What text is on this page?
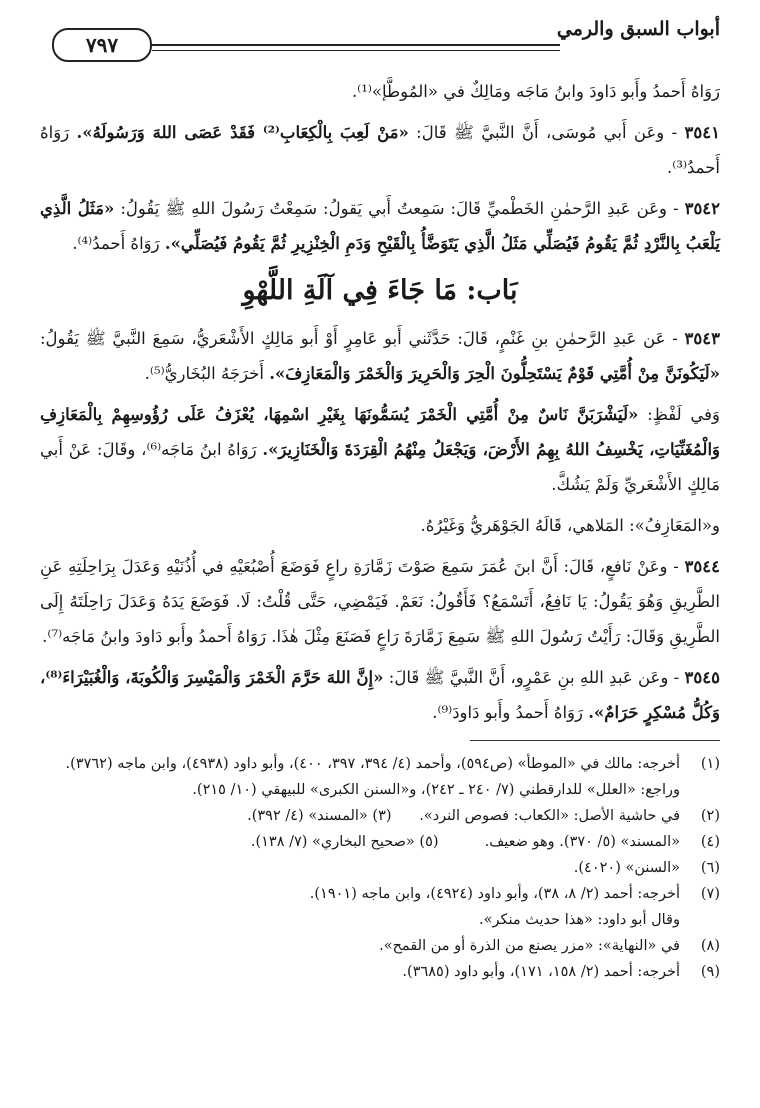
أبواب السبق والرمي
٧٩٧

رَوَاهُ أَحمدُ وأَبو دَاودَ وابنُ مَاجَه ومَالِكٌ في «المُوطَّإ»⁽¹⁾.

٣٥٤١ - وعَن أَبي مُوسَى، أَنَّ النَّبيَّ ﷺ قَالَ: «مَنْ لَعِبَ بِالْكِعَابِ⁽²⁾ فَقَدْ عَصَى اللهَ وَرَسُولَهُ». رَوَاهُ أَحمدُ⁽³⁾.

٣٥٤٢ - وعَن عَبدِ الرَّحمٰنِ الخَطْميِّ قَالَ: سَمِعتُ أَبي يَقولُ: سَمِعْتُ رَسُولَ اللهِ ﷺ يَقُولُ: «مَثَلُ الَّذِي يَلْعَبُ بِالنَّرْدِ ثُمَّ يَقُومُ فَيُصَلِّي مَثَلُ الَّذِي يَتَوَضَّأُ بِالْقَيْحِ وَدَمِ الْخِنْزِيرِ ثُمَّ يَقُومُ فَيُصَلِّي». رَوَاهُ أَحمدُ⁽⁴⁾.

بَاب: مَا جَاءَ فِي آلَةِ اللَّهْوِ

٣٥٤٣ - عَن عَبدِ الرَّحمٰنِ بنِ غَنْمٍ، قَالَ: حَدَّثَني أَبو عَامِرٍ أَوْ أَبو مَالِكٍ الأَشْعَريُّ، سَمِعَ النَّبيَّ ﷺ يَقُولُ: «لَيَكُونَنَّ مِنْ أُمَّتِي قَوْمٌ يَسْتَحِلُّونَ الْحِرَ وَالْحَرِيرَ وَالْخَمْرَ وَالْمَعَازِفَ». أَخرَجَهُ البُخَاريُّ⁽⁵⁾.

وَفي لَفْظٍ: «لَيَشْرَبَنَّ نَاسٌ مِنْ أُمَّتِي الْخَمْرَ يُسَمُّونَهَا بِغَيْرِ اسْمِهَا، يُعْزَفُ عَلَى رُؤُوسِهِمْ بِالْمَعَازِفِ وَالْمُغَنِّيَاتِ، يَخْسِفُ اللهُ بِهِمُ الأَرْضَ، وَيَجْعَلُ مِنْهُمُ الْقِرَدَةَ وَالْخَنَازِيرَ». رَوَاهُ ابنُ مَاجَه⁽⁶⁾، وقَالَ: عَنْ أَبي مَالِكٍ الأَشْعَريِّ وَلَمْ يَشُكَّ.

و«المَعَازِفُ»: المَلاهي، قَالَهُ الجَوْهَريُّ وَغَيْرُهُ.

٣٥٤٤ - وعَنْ نَافعٍ، قَالَ: أَنَّ ابنَ عُمَرَ سَمِعَ صَوْتَ زَمَّارَةِ راعٍ فَوَضَعَ أُصْبُعَيْهِ في أُذُنَيْهِ وَعَدَلَ بِرَاحِلَتِهِ عَنِ الطَّرِيقِ وَهُوَ يَقُولُ: يَا نَافِعُ، أَتَسْمَعُ؟ فَأَقُولُ: نَعَمْ. فَيَمْضِي، حَتَّى قُلْتُ: لَا. فَوَضَعَ يَدَهُ وَعَدَلَ رَاحِلَتَهُ إِلَى الطَّرِيقِ وَقَالَ: رَأَيْتُ رَسُولَ اللهِ ﷺ سَمِعَ زَمَّارَةَ رَاعٍ فَصَنَعَ مِثْلَ هٰذَا. رَوَاهُ أَحمدُ وأَبو دَاودَ وابنُ مَاجَه⁽⁷⁾.

٣٥٤٥ - وعَن عَبدِ اللهِ بنِ عَمْرٍو، أَنَّ النَّبيَّ ﷺ قَالَ: «إِنَّ اللهَ حَرَّمَ الْخَمْرَ وَالْمَيْسِرَ وَالْكُوبَةَ، وَالْغُبَيْرَاءَ⁽⁸⁾، وَكُلُّ مُسْكِرٍ حَرَامٌ». رَوَاهُ أَحمدُ وأَبو دَاودَ⁽⁹⁾.

(١)
أخرجه: مالك في «الموطأ» (ص٥٩٤)، وأحمد (٤/ ٣٩٤، ٣٩٧، ٤٠٠)، وأبو داود (٤٩٣٨)، وابن ماجه (٣٧٦٢).
وراجع: «العلل» للدارقطني (٧/ ٢٤٠ ـ ٢٤٢)، و«السنن الكبرى» للبيهقي (١٠/ ٢١٥).
(٢)
في حاشية الأصل: «الكعاب: فصوص النرد».      (٣) «المسند» (٤/ ٣٩٢).
(٤)
«المسند» (٥/ ٣٧٠). وهو ضعيف.          (٥) «صحيح البخاري» (٧/ ١٣٨).
(٦)
«السنن» (٤٠٢٠).
(٧)
أخرجه: أحمد (٢/ ٨، ٣٨)، وأبو داود (٤٩٢٤)، وابن ماجه (١٩٠١).
وقال أبو داود: «هذا حديث منكر».
(٨)
في «النهاية»: «مزر يصنع من الذرة أو من القمح».
(٩)
أخرجه: أحمد (٢/ ١٥٨، ١٧١)، وأبو داود (٣٦٨٥).
